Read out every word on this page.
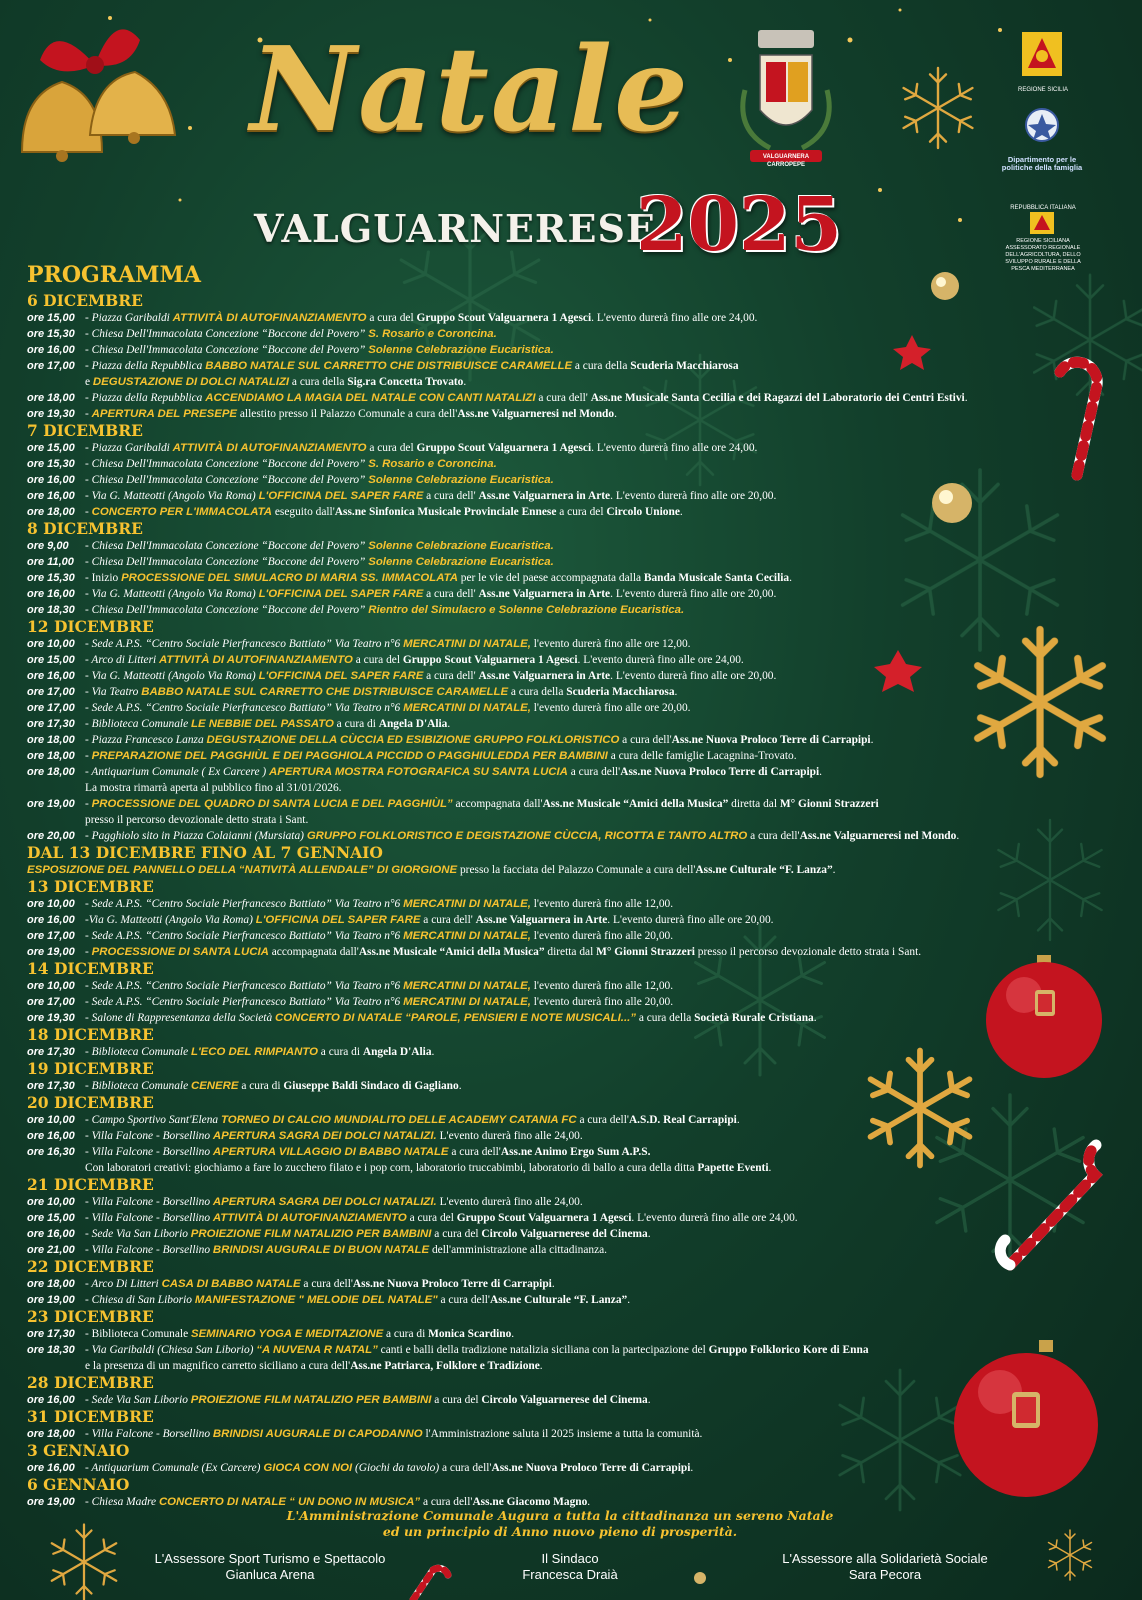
Natale
VALGUARNERESE
2025
VALGUARNERA CARROPEPE
REGIONE SICILIA
Dipartimento per le politiche della famiglia
REPUBBLICA ITALIANA
REGIONE SICILIANA ASSESSORATO REGIONALE DELL'AGRICOLTURA, DELLO SVILUPPO RURALE E DELLA PESCA MEDITERRANEA
PROGRAMMA
6 DICEMBRE
ore 15,00 - Piazza Garibaldi ATTIVITÀ DI AUTOFINANZIAMENTO a cura del Gruppo Scout Valguarnera 1 Agesci. L'evento durerà fino alle ore 24,00.
ore 15,30 - Chiesa Dell'Immacolata Concezione “Boccone del Povero” S. Rosario e Coroncina.
ore 16,00 - Chiesa Dell'Immacolata Concezione “Boccone del Povero” Solenne Celebrazione Eucaristica.
ore 17,00 - Piazza della Repubblica BABBO NATALE SUL CARRETTO CHE DISTRIBUISCE CARAMELLE a cura della Scuderia Macchiarosa
e DEGUSTAZIONE DI DOLCI NATALIZI a cura della Sig.ra Concetta Trovato.
ore 18,00 - Piazza della Repubblica ACCENDIAMO LA MAGIA DEL NATALE CON CANTI NATALIZI a cura dell' Ass.ne Musicale Santa Cecilia e dei Ragazzi del Laboratorio dei Centri Estivi.
ore 19,30 - APERTURA DEL PRESEPE allestito presso il Palazzo Comunale a cura dell'Ass.ne Valguarneresi nel Mondo.
7 DICEMBRE
ore 15,00 - Piazza Garibaldi ATTIVITÀ DI AUTOFINANZIAMENTO a cura del Gruppo Scout Valguarnera 1 Agesci. L'evento durerà fino alle ore 24,00.
ore 15,30 - Chiesa Dell'Immacolata Concezione “Boccone del Povero” S. Rosario e Coroncina.
ore 16,00 - Chiesa Dell'Immacolata Concezione “Boccone del Povero” Solenne Celebrazione Eucaristica.
ore 16,00 - Via G. Matteotti (Angolo Via Roma) L'OFFICINA DEL SAPER FARE a cura dell' Ass.ne Valguarnera in Arte. L'evento durerà fino alle ore 20,00.
ore 18,00 - CONCERTO PER L'IMMACOLATA eseguito dall'Ass.ne Sinfonica Musicale Provinciale Ennese a cura del Circolo Unione.
8 DICEMBRE
ore 9,00 - Chiesa Dell'Immacolata Concezione “Boccone del Povero” Solenne Celebrazione Eucaristica.
ore 11,00 - Chiesa Dell'Immacolata Concezione “Boccone del Povero” Solenne Celebrazione Eucaristica.
ore 15,30 - Inizio PROCESSIONE DEL SIMULACRO DI MARIA SS. IMMACOLATA per le vie del paese accompagnata dalla Banda Musicale Santa Cecilia.
ore 16,00 - Via G. Matteotti (Angolo Via Roma) L'OFFICINA DEL SAPER FARE a cura dell' Ass.ne Valguarnera in Arte. L'evento durerà fino alle ore 20,00.
ore 18,30 - Chiesa Dell'Immacolata Concezione “Boccone del Povero” Rientro del Simulacro e Solenne Celebrazione Eucaristica.
12 DICEMBRE
ore 10,00 - Sede A.P.S. “Centro Sociale Pierfrancesco Battiato” Via Teatro n°6 MERCATINI DI NATALE, l'evento durerà fino alle ore 12,00.
ore 15,00 - Arco di Litteri ATTIVITÀ DI AUTOFINANZIAMENTO a cura del Gruppo Scout Valguarnera 1 Agesci. L'evento durerà fino alle ore 24,00.
ore 16,00 - Via G. Matteotti (Angolo Via Roma) L'OFFICINA DEL SAPER FARE a cura dell' Ass.ne Valguarnera in Arte. L'evento durerà fino alle ore 20,00.
ore 17,00 - Via Teatro BABBO NATALE SUL CARRETTO CHE DISTRIBUISCE CARAMELLE a cura della Scuderia Macchiarosa.
ore 17,00 - Sede A.P.S. “Centro Sociale Pierfrancesco Battiato” Via Teatro n°6 MERCATINI DI NATALE, l'evento durerà fino alle ore 20,00.
ore 17,30 - Biblioteca Comunale LE NEBBIE DEL PASSATO a cura di Angela D'Alia.
ore 18,00 - Piazza Francesco Lanza DEGUSTAZIONE DELLA CÙCCIA ED ESIBIZIONE GRUPPO FOLKLORISTICO a cura dell'Ass.ne Nuova Proloco Terre di Carrapipi.
ore 18,00 - PREPARAZIONE DEL PAGGHIÙL E DEI PAGGHIOLA PICCIDD O PAGGHIULEDDA PER BAMBINI a cura delle famiglie Lacagnina-Trovato.
ore 18,00 - Antiquarium Comunale ( Ex Carcere ) APERTURA MOSTRA FOTOGRAFICA SU SANTA LUCIA a cura dell'Ass.ne Nuova Proloco Terre di Carrapipi.
La mostra rimarrà aperta al pubblico fino al 31/01/2026.
ore 19,00 - PROCESSIONE DEL QUADRO DI SANTA LUCIA E DEL PAGGHIÙL” accompagnata dall'Ass.ne Musicale “Amici della Musica” diretta dal M° Gionni Strazzeri
presso il percorso devozionale detto strata i Sant.
ore 20,00 - Pagghiolo sito in Piazza Colaianni (Mursiata) GRUPPO FOLKLORISTICO E DEGISTAZIONE CÙCCIA, RICOTTA E TANTO ALTRO a cura dell'Ass.ne Valguarneresi nel Mondo.
DAL 13 DICEMBRE FINO AL 7 GENNAIO
ESPOSIZIONE DEL PANNELLO DELLA “NATIVITÀ ALLENDALE” DI GIORGIONE presso la facciata del Palazzo Comunale a cura dell'Ass.ne Culturale “F. Lanza”.
13 DICEMBRE
ore 10,00 - Sede A.P.S. “Centro Sociale Pierfrancesco Battiato” Via Teatro n°6 MERCATINI DI NATALE, l'evento durerà fino alle 12,00.
ore 16,00 -Via G. Matteotti (Angolo Via Roma) L'OFFICINA DEL SAPER FARE a cura dell' Ass.ne Valguarnera in Arte. L'evento durerà fino alle ore 20,00.
ore 17,00 - Sede A.P.S. “Centro Sociale Pierfrancesco Battiato” Via Teatro n°6 MERCATINI DI NATALE, l'evento durerà fino alle 20,00.
ore 19,00 - PROCESSIONE DI SANTA LUCIA accompagnata dall'Ass.ne Musicale “Amici della Musica” diretta dal M° Gionni Strazzeri presso il percorso devozionale detto strata i Sant.
14 DICEMBRE
ore 10,00 - Sede A.P.S. “Centro Sociale Pierfrancesco Battiato” Via Teatro n°6 MERCATINI DI NATALE, l'evento durerà fino alle 12,00.
ore 17,00 - Sede A.P.S. “Centro Sociale Pierfrancesco Battiato” Via Teatro n°6 MERCATINI DI NATALE, l'evento durerà fino alle 20,00.
ore 19,30 - Salone di Rappresentanza della Società CONCERTO DI NATALE “PAROLE, PENSIERI E NOTE MUSICALI...” a cura della Società Rurale Cristiana.
18 DICEMBRE
ore 17,30 - Biblioteca Comunale L'ECO DEL RIMPIANTO a cura di Angela D'Alia.
19 DICEMBRE
ore 17,30 - Biblioteca Comunale CENERE a cura di Giuseppe Baldi Sindaco di Gagliano.
20 DICEMBRE
ore 10,00 - Campo Sportivo Sant'Elena TORNEO DI CALCIO MUNDIALITO DELLE ACADEMY CATANIA FC a cura dell'A.S.D. Real Carrapipi.
ore 16,00 - Villa Falcone - Borsellino APERTURA SAGRA DEI DOLCI NATALIZI. L'evento durerà fino alle 24,00.
ore 16,30 - Villa Falcone - Borsellino APERTURA VILLAGGIO DI BABBO NATALE a cura dell'Ass.ne Animo Ergo Sum A.P.S.
Con laboratori creativi: giochiamo a fare lo zucchero filato e i pop corn, laboratorio truccabimbi, laboratorio di ballo a cura della ditta Papette Eventi.
21 DICEMBRE
ore 10,00 - Villa Falcone - Borsellino APERTURA SAGRA DEI DOLCI NATALIZI. L'evento durerà fino alle 24,00.
ore 15,00 - Villa Falcone - Borsellino ATTIVITÀ DI AUTOFINANZIAMENTO a cura del Gruppo Scout Valguarnera 1 Agesci. L'evento durerà fino alle ore 24,00.
ore 16,00 - Sede Via San Liborio PROIEZIONE FILM NATALIZIO PER BAMBINI a cura del Circolo Valguarnerese del Cinema.
ore 21,00 - Villa Falcone - Borsellino BRINDISI AUGURALE DI BUON NATALE dell'amministrazione alla cittadinanza.
22 DICEMBRE
ore 18,00 - Arco Di Litteri CASA DI BABBO NATALE a cura dell'Ass.ne Nuova Proloco Terre di Carrapipi.
ore 19,00 - Chiesa di San Liborio MANIFESTAZIONE " MELODIE DEL NATALE" a cura dell'Ass.ne Culturale “F. Lanza”.
23 DICEMBRE
ore 17,30 - Biblioteca Comunale SEMINARIO YOGA E MEDITAZIONE a cura di Monica Scardino.
ore 18,30 - Via Garibaldi (Chiesa San Liborio) “A NUVENA R NATAL” canti e balli della tradizione natalizia siciliana con la partecipazione del Gruppo Folklorico Kore di Enna
e la presenza di un magnifico carretto siciliano a cura dell'Ass.ne Patriarca, Folklore e Tradizione.
28 DICEMBRE
ore 16,00 - Sede Via San Liborio PROIEZIONE FILM NATALIZIO PER BAMBINI a cura del Circolo Valguarnerese del Cinema.
31 DICEMBRE
ore 18,00 - Villa Falcone - Borsellino BRINDISI AUGURALE DI CAPODANNO l'Amministrazione saluta il 2025 insieme a tutta la comunità.
3 GENNAIO
ore 16,00 - Antiquarium Comunale (Ex Carcere) GIOCA CON NOI (Giochi da tavolo) a cura dell'Ass.ne Nuova Proloco Terre di Carrapipi.
6 GENNAIO
ore 19,00 - Chiesa Madre CONCERTO DI NATALE “ UN DONO IN MUSICA” a cura dell'Ass.ne Giacomo Magno.
L'Amministrazione Comunale Augura a tutta la cittadinanza un sereno Natale
ed un principio di Anno nuovo pieno di prosperità.
L'Assessore Sport Turismo e Spettacolo
Gianluca Arena
Il Sindaco
Francesca Draià
L'Assessore alla Solidarietà Sociale
Sara Pecora
